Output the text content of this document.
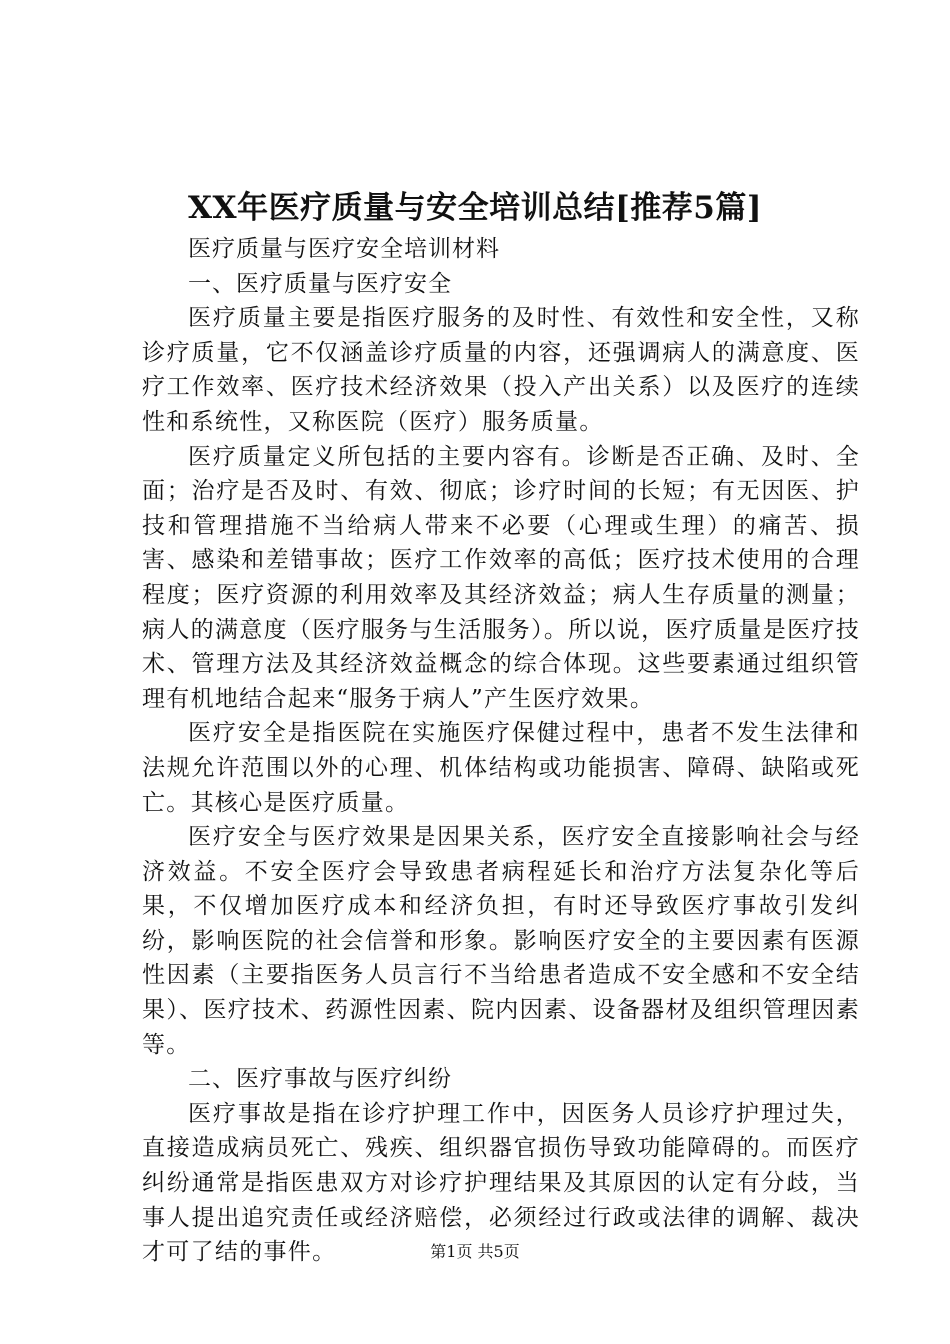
XX年医疗质量与安全培训总结[推荐5篇]

医疗质量与医疗安全培训材料

一、医疗质量与医疗安全

医疗质量主要是指医疗服务的及时性、有效性和安全性，又称诊疗质量，它不仅涵盖诊疗质量的内容，还强调病人的满意度、医疗工作效率、医疗技术经济效果（投入产出关系）以及医疗的连续性和系统性，又称医院（医疗）服务质量。

医疗质量定义所包括的主要内容有。诊断是否正确、及时、全面；治疗是否及时、有效、彻底；诊疗时间的长短；有无因医、护技和管理措施不当给病人带来不必要（心理或生理）的痛苦、损害、感染和差错事故；医疗工作效率的高低；医疗技术使用的合理程度；医疗资源的利用效率及其经济效益；病人生存质量的测量；病人的满意度（医疗服务与生活服务）。所以说，医疗质量是医疗技术、管理方法及其经济效益概念的综合体现。这些要素通过组织管理有机地结合起来“服务于病人”产生医疗效果。

医疗安全是指医院在实施医疗保健过程中，患者不发生法律和法规允许范围以外的心理、机体结构或功能损害、障碍、缺陷或死亡。其核心是医疗质量。

医疗安全与医疗效果是因果关系，医疗安全直接影响社会与经济效益。不安全医疗会导致患者病程延长和治疗方法复杂化等后果，不仅增加医疗成本和经济负担，有时还导致医疗事故引发纠纷，影响医院的社会信誉和形象。影响医疗安全的主要因素有医源性因素（主要指医务人员言行不当给患者造成不安全感和不安全结果）、医疗技术、药源性因素、院内因素、设备器材及组织管理因素等。

二、医疗事故与医疗纠纷

医疗事故是指在诊疗护理工作中，因医务人员诊疗护理过失，直接造成病员死亡、残疾、组织器官损伤导致功能障碍的。而医疗纠纷通常是指医患双方对诊疗护理结果及其原因的认定有分歧，当事人提出追究责任或经济赔偿，必须经过行政或法律的调解、裁决才可了结的事件。	第1页 共5页
